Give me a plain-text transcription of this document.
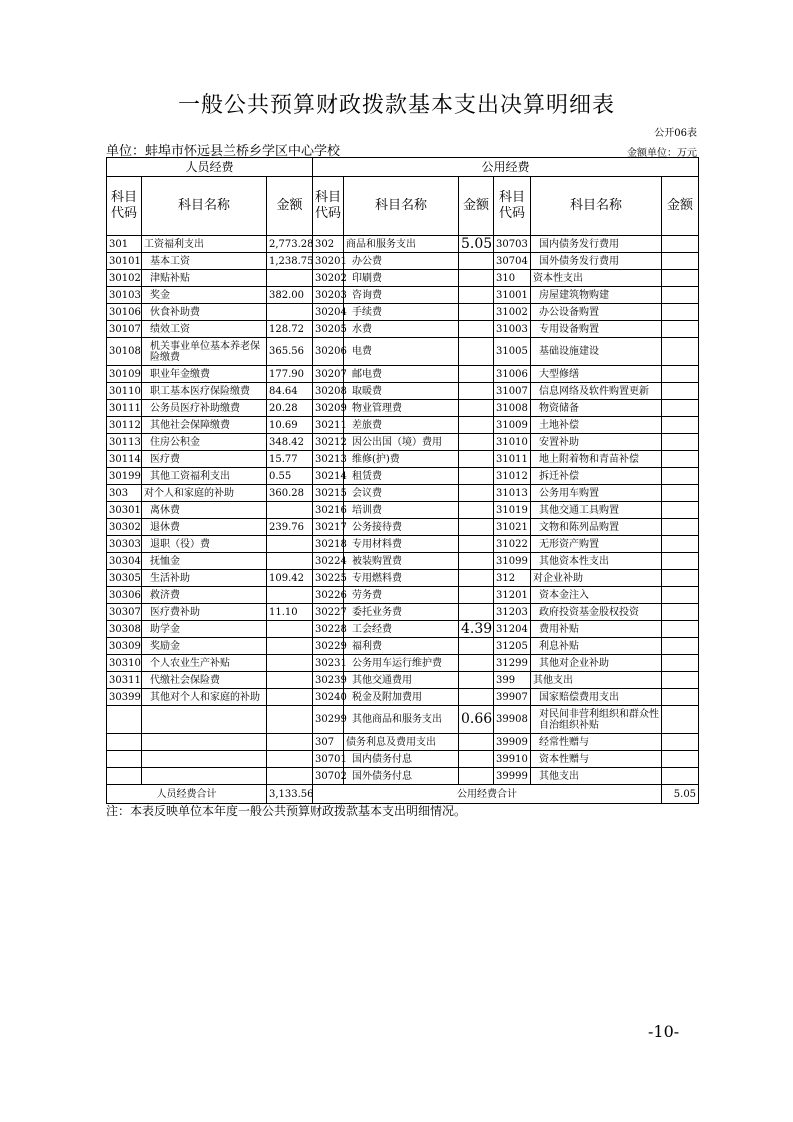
一般公共预算财政拨款基本支出决算明细表
公开06表
单位：蚌埠市怀远县兰桥乡学区中心学校	金额单位：万元
人员经费			公用经费					
科目代码	科目名称	金额	科目代码	科目名称	金额	科目代码	科目名称	金额
301	工资福利支出	2,773.28	302	商品和服务支出	5.05	30703	国内债务发行费用	
30101	基本工资	1,238.75	30201	办公费		30704	国外债务发行费用	
30102	津贴补贴		30202	印刷费		310	资本性支出	
30103	奖金	382.00	30203	咨询费		31001	房屋建筑物购建	
30106	伙食补助费		30204	手续费		31002	办公设备购置	
30107	绩效工资	128.72	30205	水费		31003	专用设备购置	
30108	机关事业单位基本养老保险缴费	365.56	30206	电费		31005	基础设施建设	
30109	职业年金缴费	177.90	30207	邮电费		31006	大型修缮	
30110	职工基本医疗保险缴费	84.64	30208	取暖费		31007	信息网络及软件购置更新	
30111	公务员医疗补助缴费	20.28	30209	物业管理费		31008	物资储备	
30112	其他社会保障缴费	10.69	30211	差旅费		31009	土地补偿	
30113	住房公积金	348.42	30212	因公出国（境）费用		31010	安置补助	
30114	医疗费	15.77	30213	维修(护)费		31011	地上附着物和青苗补偿	
30199	其他工资福利支出	0.55	30214	租赁费		31012	拆迁补偿	
303	对个人和家庭的补助	360.28	30215	会议费		31013	公务用车购置	
30301	离休费		30216	培训费		31019	其他交通工具购置	
30302	退休费	239.76	30217	公务接待费		31021	文物和陈列品购置	
30303	退职（役）费		30218	专用材料费		31022	无形资产购置	
30304	抚恤金		30224	被装购置费		31099	其他资本性支出	
30305	生活补助	109.42	30225	专用燃料费		312	对企业补助	
30306	救济费		30226	劳务费		31201	资本金注入	
30307	医疗费补助	11.10	30227	委托业务费		31203	政府投资基金股权投资	
30308	助学金		30228	工会经费	4.39	31204	费用补贴	
30309	奖励金		30229	福利费		31205	利息补贴	
30310	个人农业生产补贴		30231	公务用车运行维护费		31299	其他对企业补助	
30311	代缴社会保险费		30239	其他交通费用		399	其他支出	
30399	其他对个人和家庭的补助		30240	税金及附加费用		39907	国家赔偿费用支出	
			30299	其他商品和服务支出	0.66	39908	对民间非营利组织和群众性自治组织补贴	
			307	债务利息及费用支出		39909	经常性赠与	
			30701	国内债务付息		39910	资本性赠与	
			30702	国外债务付息		39999	其他支出	
人员经费合计		3,133.56	公用经费合计					5.05
注：本表反映单位本年度一般公共预算财政拨款基本支出明细情况。
-10-
